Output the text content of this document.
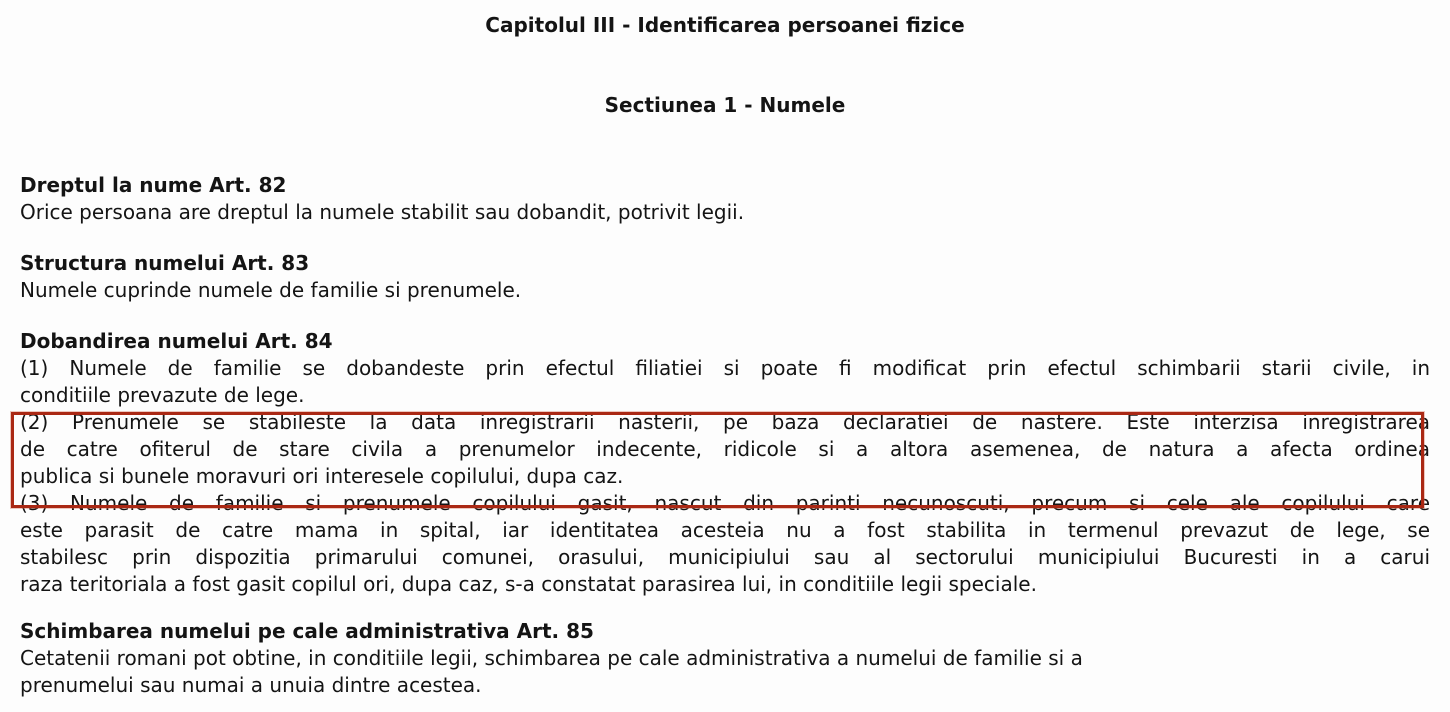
Capitolul III - Identificarea persoanei fizice
Sectiunea 1 - Numele
Dreptul la nume Art. 82
Orice persoana are dreptul la numele stabilit sau dobandit, potrivit legii.
Structura numelui Art. 83
Numele cuprinde numele de familie si prenumele.
Dobandirea numelui Art. 84
(1) Numele de familie se dobandeste prin efectul filiatiei si poate fi modificat prin efectul schimbarii starii civile, in
conditiile prevazute de lege.
(2) Prenumele se stabileste la data inregistrarii nasterii, pe baza declaratiei de nastere. Este interzisa inregistrarea
de catre ofiterul de stare civila a prenumelor indecente, ridicole si a altora asemenea, de natura a afecta ordinea
publica si bunele moravuri ori interesele copilului, dupa caz.
(3) Numele de familie si prenumele copilului gasit, nascut din parinti necunoscuti, precum si cele ale copilului care
este parasit de catre mama in spital, iar identitatea acesteia nu a fost stabilita in termenul prevazut de lege, se
stabilesc prin dispozitia primarului comunei, orasului, municipiului sau al sectorului municipiului Bucuresti in a carui
raza teritoriala a fost gasit copilul ori, dupa caz, s-a constatat parasirea lui, in conditiile legii speciale.
Schimbarea numelui pe cale administrativa Art. 85
Cetatenii romani pot obtine, in conditiile legii, schimbarea pe cale administrativa a numelui de familie si a
prenumelui sau numai a unuia dintre acestea.
